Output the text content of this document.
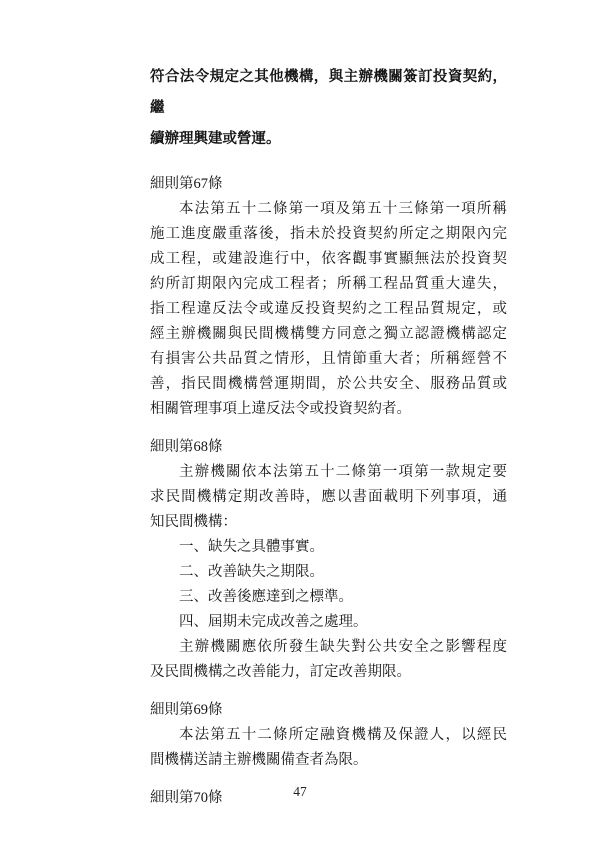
符合法令規定之其他機構，與主辦機關簽訂投資契約，繼
續辦理興建或營運。
細則第67條
本法第五十二條第一項及第五十三條第一項所稱
施工進度嚴重落後，指未於投資契約所定之期限內完
成工程，或建設進行中，依客觀事實顯無法於投資契
約所訂期限內完成工程者；所稱工程品質重大違失，
指工程違反法令或違反投資契約之工程品質規定，或
經主辦機關與民間機構雙方同意之獨立認證機構認定
有損害公共品質之情形，且情節重大者；所稱經營不
善，指民間機構營運期間，於公共安全、服務品質或
相關管理事項上違反法令或投資契約者。
細則第68條
主辦機關依本法第五十二條第一項第一款規定要
求民間機構定期改善時，應以書面載明下列事項，通
知民間機構：
一、缺失之具體事實。
二、改善缺失之期限。
三、改善後應達到之標準。
四、屆期未完成改善之處理。
主辦機關應依所發生缺失對公共安全之影響程度
及民間機構之改善能力，訂定改善期限。
細則第69條
本法第五十二條所定融資機構及保證人，以經民
間機構送請主辦機關備查者為限。
細則第70條	47
